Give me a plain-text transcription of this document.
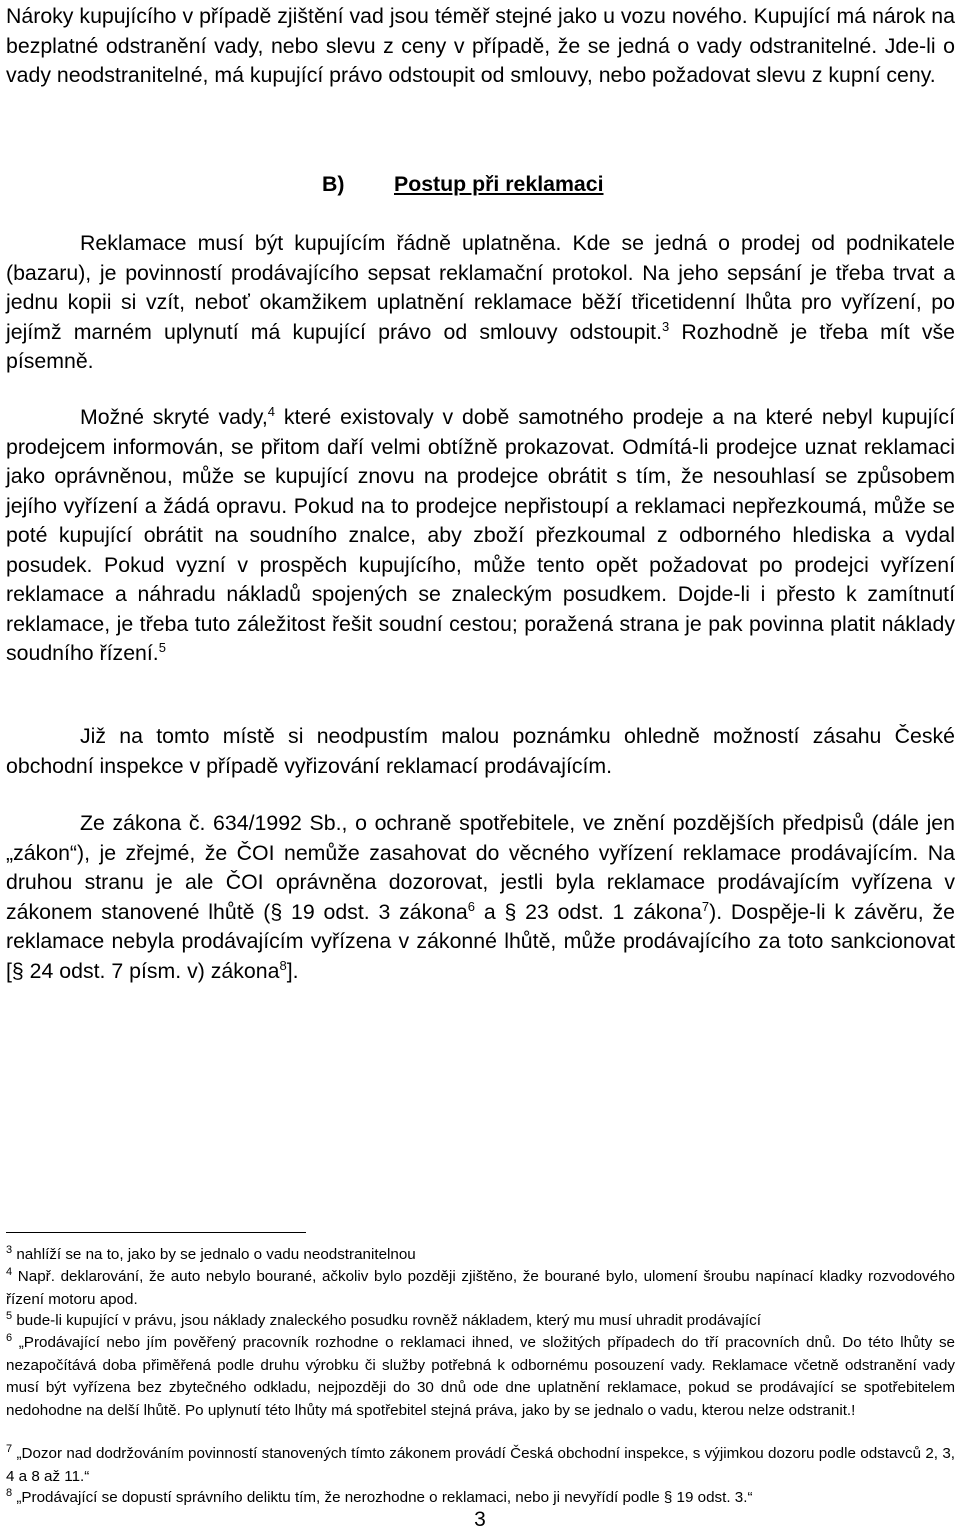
Nároky kupujícího v případě zjištění vad jsou téměř stejné jako u vozu nového. Kupující má nárok na bezplatné odstranění vady, nebo slevu z ceny v případě, že se jedná o vady odstranitelné. Jde-li o vady neodstranitelné, má kupující právo odstoupit od smlouvy, nebo požadovat slevu z kupní ceny.

B) Postup při reklamaci

Reklamace musí být kupujícím řádně uplatněna. Kde se jedná o prodej od podnikatele (bazaru), je povinností prodávajícího sepsat reklamační protokol. Na jeho sepsání je třeba trvat a jednu kopii si vzít, neboť okamžikem uplatnění reklamace běží třicetidenní lhůta pro vyřízení, po jejímž marném uplynutí má kupující právo od smlouvy odstoupit.$^3$ Rozhodně je třeba mít vše písemně.

Možné skryté vady,$^4$ které existovaly v době samotného prodeje a na které nebyl kupující prodejcem informován, se přitom daří velmi obtížně prokazovat. Odmítá-li prodejce uznat reklamaci jako oprávněnou, může se kupující znovu na prodejce obrátit s tím, že nesouhlasí se způsobem jejího vyřízení a žádá opravu. Pokud na to prodejce nepřistoupí a reklamaci nepřezkoumá, může se poté kupující obrátit na soudního znalce, aby zboží přezkoumal z odborného hlediska a vydal posudek. Pokud vyzní v prospěch kupujícího, může tento opět požadovat po prodejci vyřízení reklamace a náhradu nákladů spojených se znaleckým posudkem. Dojde-li i přesto k zamítnutí reklamace, je třeba tuto záležitost řešit soudní cestou; poražená strana je pak povinna platit náklady soudního řízení.$^5$

Již na tomto místě si neodpustím malou poznámku ohledně možností zásahu České obchodní inspekce v případě vyřizování reklamací prodávajícím.

Ze zákona č. 634/1992 Sb., o ochraně spotřebitele, ve znění pozdějších předpisů (dále jen „zákon“), je zřejmé, že ČOI nemůže zasahovat do věcného vyřízení reklamace prodávajícím. Na druhou stranu je ale ČOI oprávněna dozorovat, jestli byla reklamace prodávajícím vyřízena v zákonem stanovené lhůtě (§ 19 odst. 3 zákona$^6$ a § 23 odst. 1 zákona$^7$). Dospěje-li k závěru, že reklamace nebyla prodávajícím vyřízena v zákonné lhůtě, může prodávajícího za toto sankcionovat [§ 24 odst. 7 písm. v) zákona$^8$].

$^3$ nahlíží se na to, jako by se jednalo o vadu neodstranitelnou

$^4$ Např. deklarování, že auto nebylo bourané, ačkoliv bylo později zjištěno, že bourané bylo, ulomení šroubu napínací kladky rozvodového řízení motoru apod.

$^5$ bude-li kupující v právu, jsou náklady znaleckého posudku rovněž nákladem, který mu musí uhradit prodávající

$^6$ „Prodávající nebo jím pověřený pracovník rozhodne o reklamaci ihned, ve složitých případech do tří pracovních dnů. Do této lhůty se nezapočítává doba přiměřená podle druhu výrobku či služby potřebná k odbornému posouzení vady. Reklamace včetně odstranění vady musí být vyřízena bez zbytečného odkladu, nejpozději do 30 dnů ode dne uplatnění reklamace, pokud se prodávající se spotřebitelem nedohodne na delší lhůtě. Po uplynutí této lhůty má spotřebitel stejná práva, jako by se jednalo o vadu, kterou nelze odstranit.!

$^7$ „Dozor nad dodržováním povinností stanovených tímto zákonem provádí Česká obchodní inspekce, s výjimkou dozoru podle odstavců 2, 3, 4 a 8 až 11.“

$^8$ „Prodávající se dopustí správního deliktu tím, že nerozhodne o reklamaci, nebo ji nevyřídí podle § 19 odst. 3.“

3
